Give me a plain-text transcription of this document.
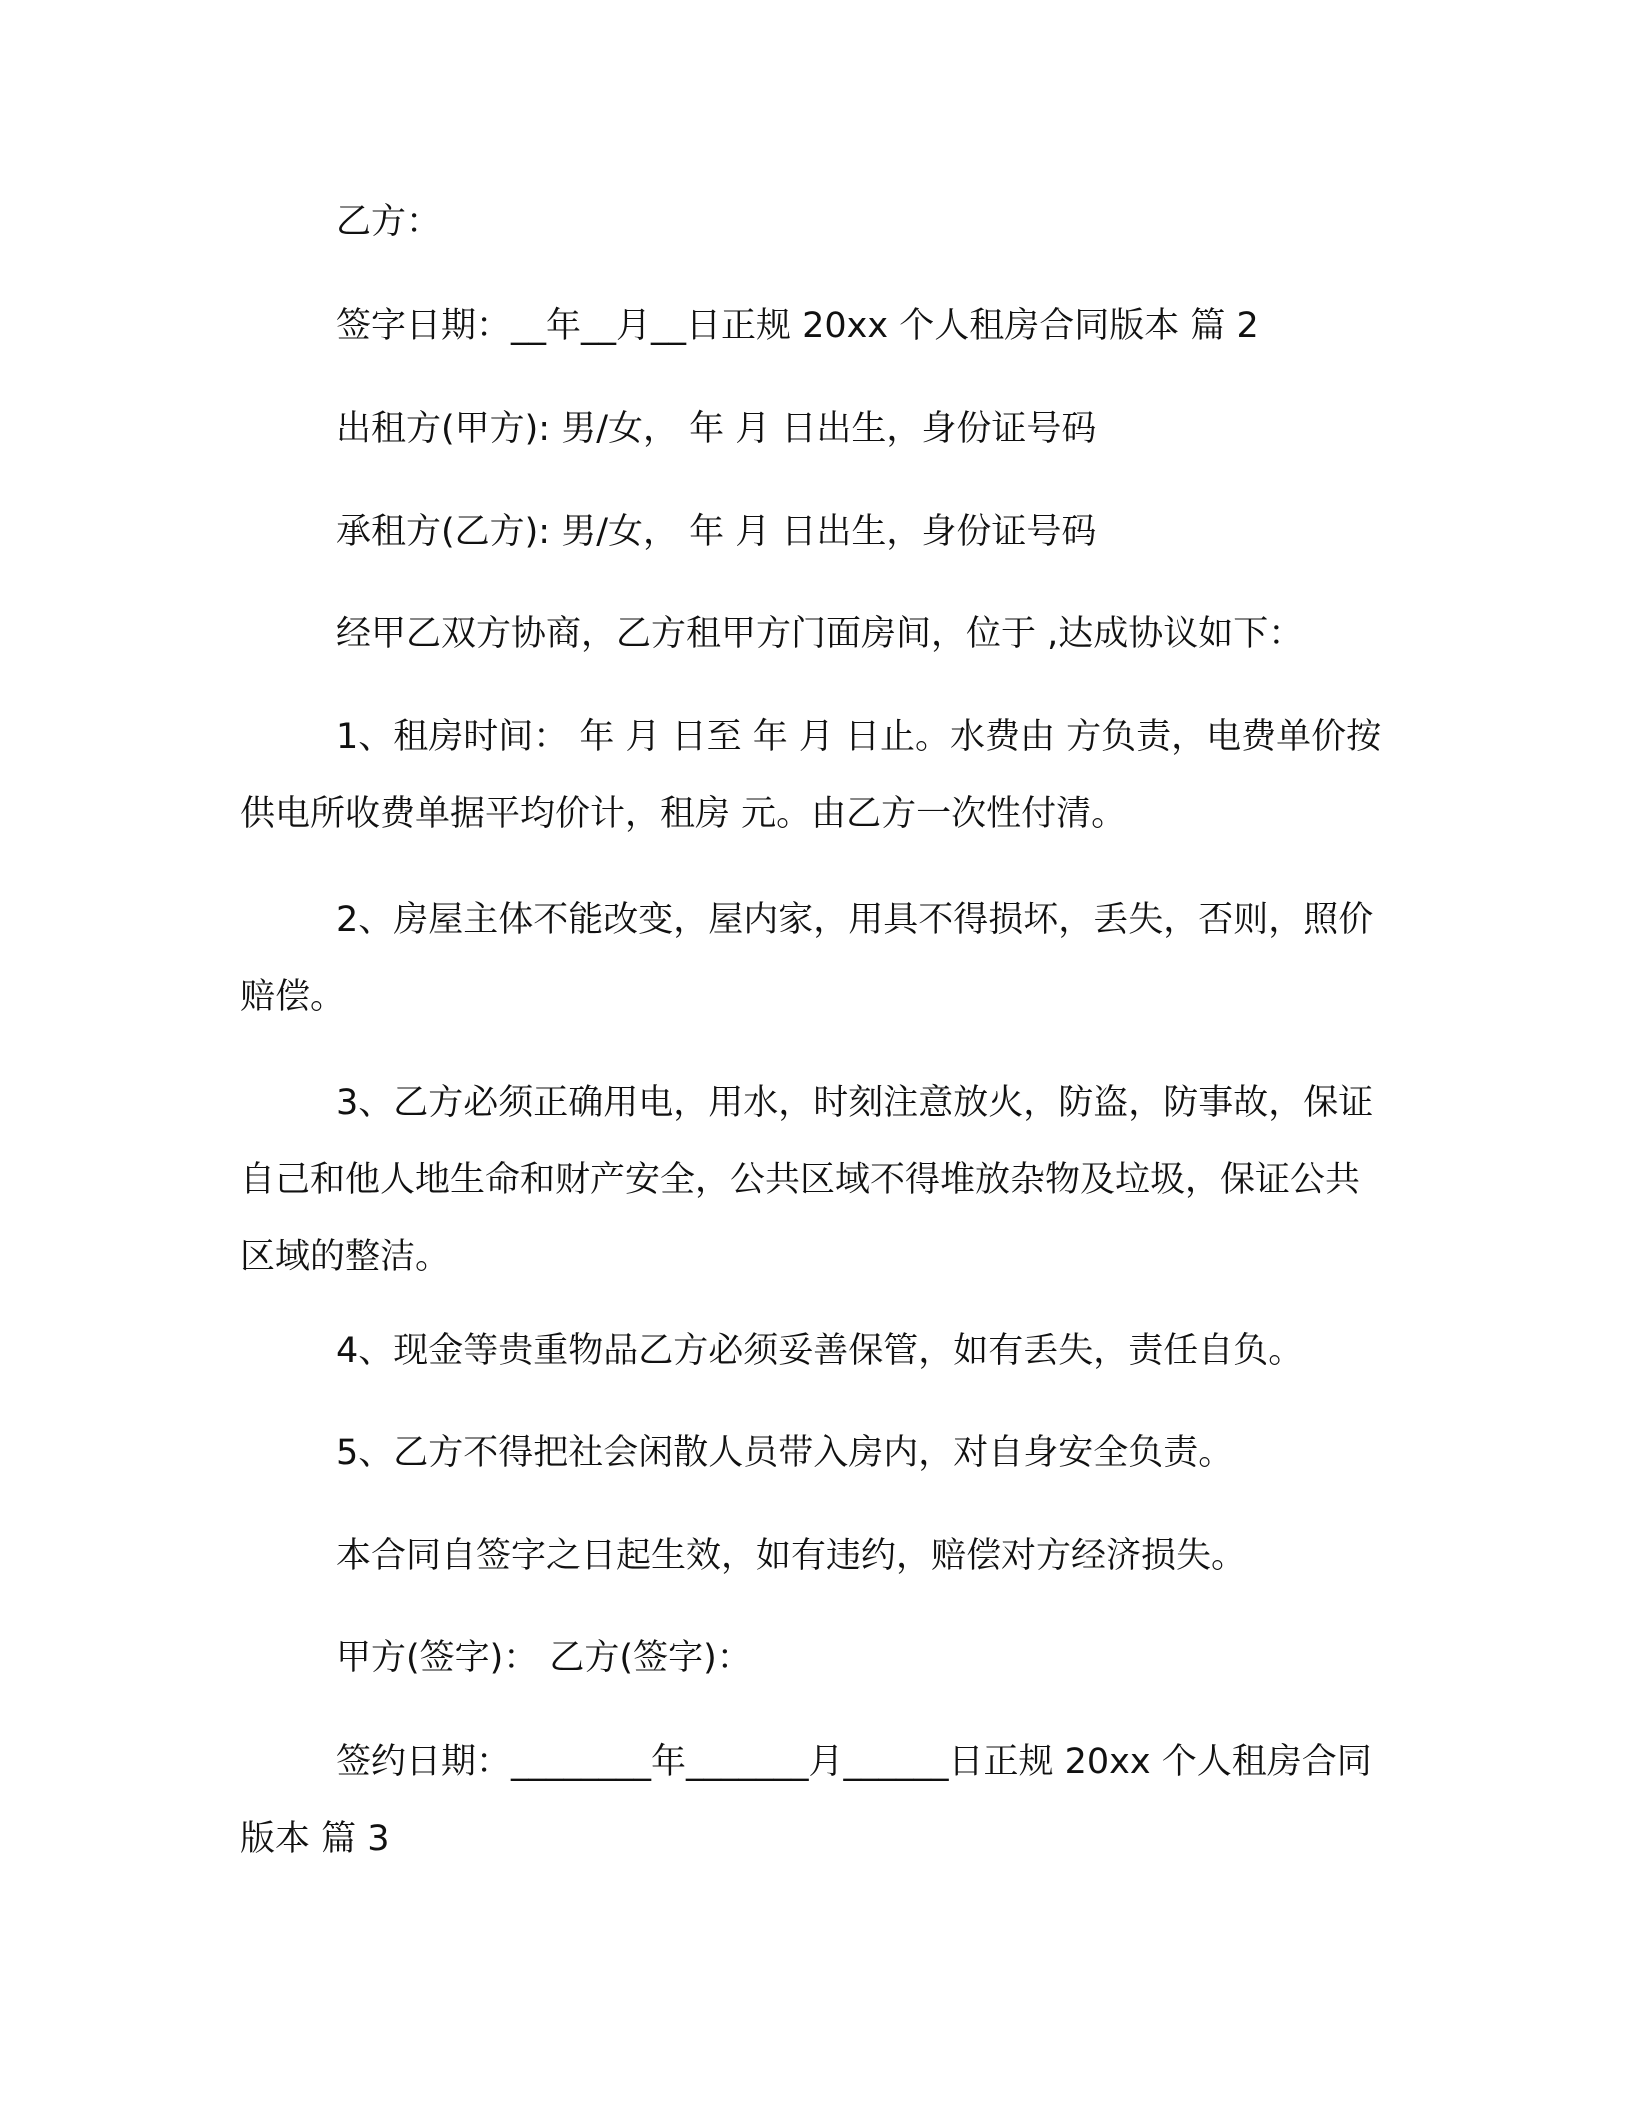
乙方：

签字日期：__年__月__日正规 20xx 个人租房合同版本 篇 2

出租方(甲方): 男/女， 年 月 日出生，身份证号码

承租方(乙方): 男/女， 年 月 日出生，身份证号码

经甲乙双方协商，乙方租甲方门面房间，位于 ,达成协议如下：

1、租房时间： 年 月 日至 年 月 日止。水费由 方负责，电费单价按供电所收费单据平均价计，租房 元。由乙方一次性付清。

2、房屋主体不能改变，屋内家，用具不得损坏，丢失，否则，照价赔偿。

3、乙方必须正确用电，用水，时刻注意放火，防盗，防事故，保证自己和他人地生命和财产安全，公共区域不得堆放杂物及垃圾，保证公共区域的整洁。

4、现金等贵重物品乙方必须妥善保管，如有丢失，责任自负。

5、乙方不得把社会闲散人员带入房内，对自身安全负责。

本合同自签字之日起生效，如有违约，赔偿对方经济损失。

甲方(签字)： 乙方(签字)：

签约日期：________年_______月______日正规 20xx 个人租房合同版本 篇 3
